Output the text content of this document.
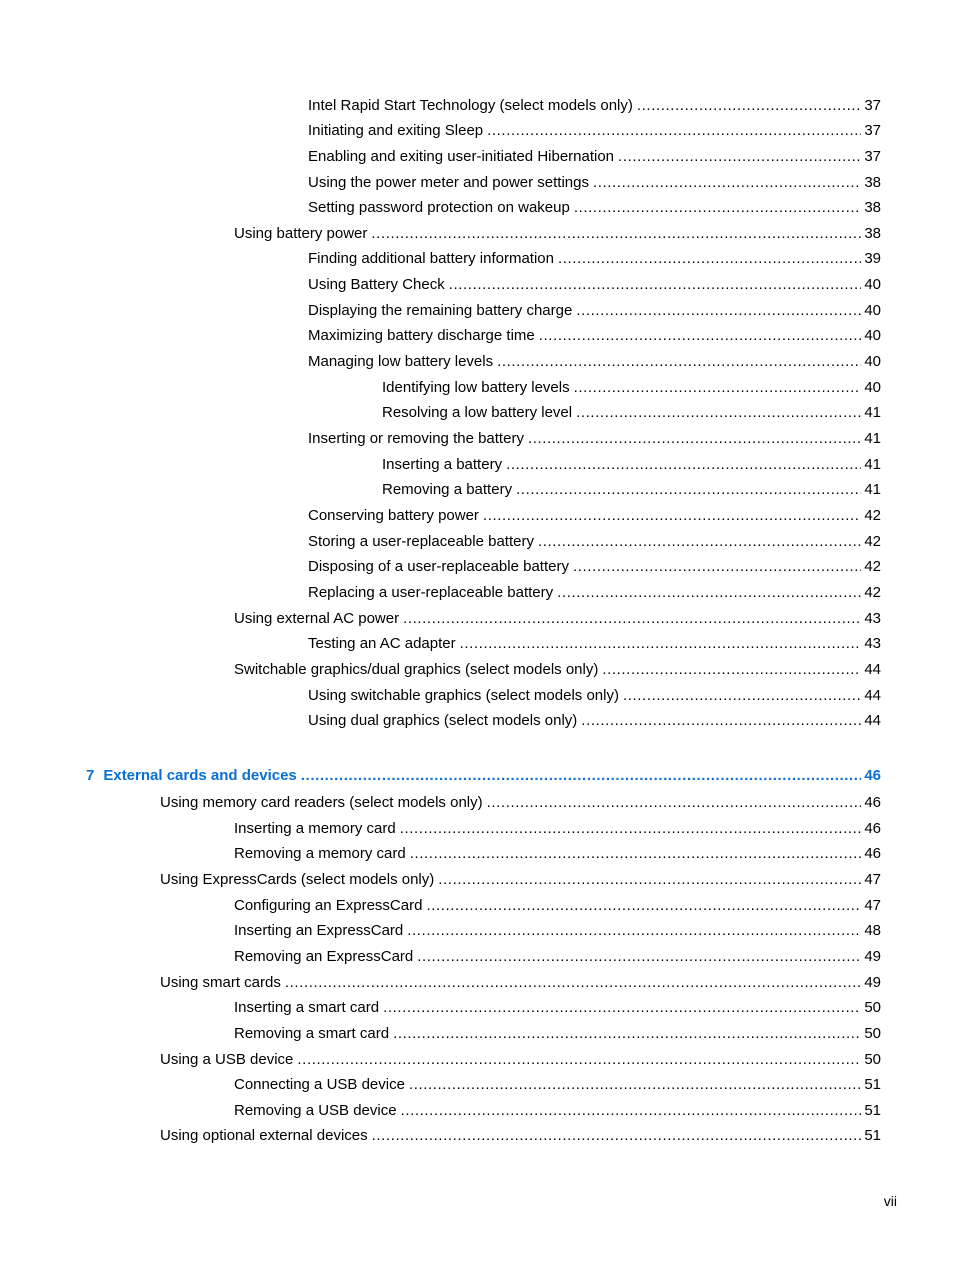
Intel Rapid Start Technology (select models only) .....	37
Initiating and exiting Sleep .....	37
Enabling and exiting user-initiated Hibernation .....	37
Using the power meter and power settings .....	38
Setting password protection on wakeup .....	38
Using battery power .....	38
Finding additional battery information .....	39
Using Battery Check .....	40
Displaying the remaining battery charge .....	40
Maximizing battery discharge time .....	40
Managing low battery levels .....	40
Identifying low battery levels .....	40
Resolving a low battery level .....	41
Inserting or removing the battery .....	41
Inserting a battery .....	41
Removing a battery .....	41
Conserving battery power .....	42
Storing a user-replaceable battery .....	42
Disposing of a user-replaceable battery .....	42
Replacing a user-replaceable battery .....	42
Using external AC power .....	43
Testing an AC adapter .....	43
Switchable graphics/dual graphics (select models only) .....	44
Using switchable graphics (select models only) .....	44
Using dual graphics (select models only) .....	44
7 External cards and devices .....	46
Using memory card readers (select models only) .....	46
Inserting a memory card .....	46
Removing a memory card .....	46
Using ExpressCards (select models only) .....	47
Configuring an ExpressCard .....	47
Inserting an ExpressCard .....	48
Removing an ExpressCard .....	49
Using smart cards .....	49
Inserting a smart card .....	50
Removing a smart card .....	50
Using a USB device .....	50
Connecting a USB device .....	51
Removing a USB device .....	51
Using optional external devices .....	51
vii
